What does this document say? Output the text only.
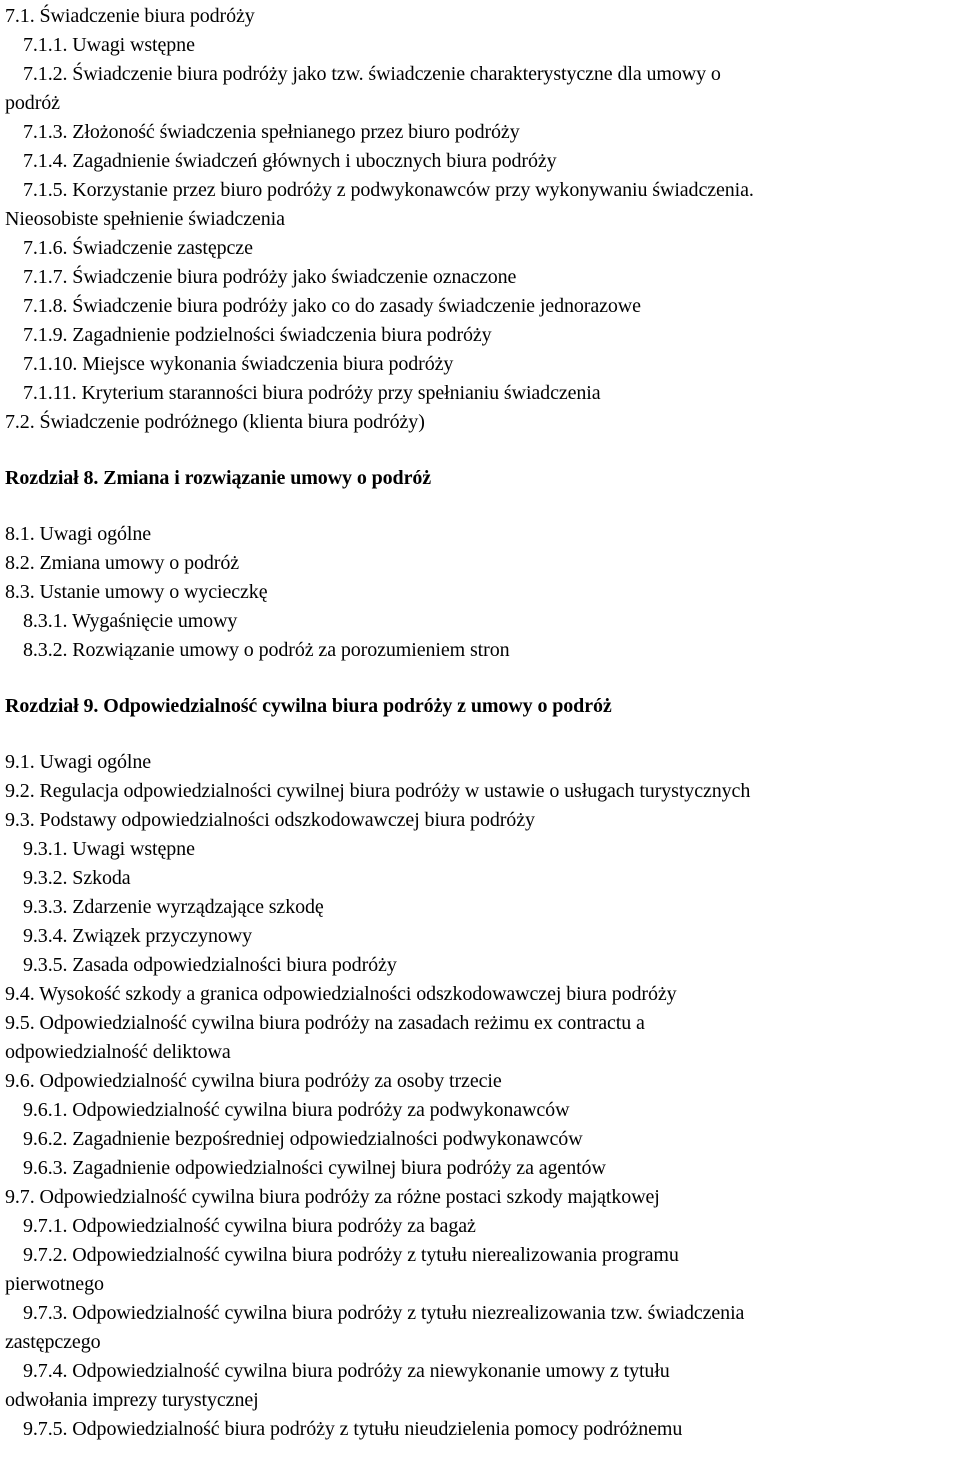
7.1. Świadczenie biura podróży
7.1.1. Uwagi wstępne
7.1.2. Świadczenie biura podróży jako tzw. świadczenie charakterystyczne dla umowy o
podróż
7.1.3. Złożoność świadczenia spełnianego przez biuro podróży
7.1.4. Zagadnienie świadczeń głównych i ubocznych biura podróży
7.1.5. Korzystanie przez biuro podróży z podwykonawców przy wykonywaniu świadczenia.
Nieosobiste spełnienie świadczenia
7.1.6. Świadczenie zastępcze
7.1.7. Świadczenie biura podróży jako świadczenie oznaczone
7.1.8. Świadczenie biura podróży jako co do zasady świadczenie jednorazowe
7.1.9. Zagadnienie podzielności świadczenia biura podróży
7.1.10. Miejsce wykonania świadczenia biura podróży
7.1.11. Kryterium staranności biura podróży przy spełnianiu świadczenia
7.2. Świadczenie podróżnego (klienta biura podróży)
Rozdział 8. Zmiana i rozwiązanie umowy o podróż
8.1. Uwagi ogólne
8.2. Zmiana umowy o podróż
8.3. Ustanie umowy o wycieczkę
8.3.1. Wygaśnięcie umowy
8.3.2. Rozwiązanie umowy o podróż za porozumieniem stron
Rozdział 9. Odpowiedzialność cywilna biura podróży z umowy o podróż
9.1. Uwagi ogólne
9.2. Regulacja odpowiedzialności cywilnej biura podróży w ustawie o usługach turystycznych
9.3. Podstawy odpowiedzialności odszkodowawczej biura podróży
9.3.1. Uwagi wstępne
9.3.2. Szkoda
9.3.3. Zdarzenie wyrządzające szkodę
9.3.4. Związek przyczynowy
9.3.5. Zasada odpowiedzialności biura podróży
9.4. Wysokość szkody a granica odpowiedzialności odszkodowawczej biura podróży
9.5. Odpowiedzialność cywilna biura podróży na zasadach reżimu ex contractu a
odpowiedzialność deliktowa
9.6. Odpowiedzialność cywilna biura podróży za osoby trzecie
9.6.1. Odpowiedzialność cywilna biura podróży za podwykonawców
9.6.2. Zagadnienie bezpośredniej odpowiedzialności podwykonawców
9.6.3. Zagadnienie odpowiedzialności cywilnej biura podróży za agentów
9.7. Odpowiedzialność cywilna biura podróży za różne postaci szkody majątkowej
9.7.1. Odpowiedzialność cywilna biura podróży za bagaż
9.7.2. Odpowiedzialność cywilna biura podróży z tytułu nierealizowania programu
pierwotnego
9.7.3. Odpowiedzialność cywilna biura podróży z tytułu niezrealizowania tzw. świadczenia
zastępczego
9.7.4. Odpowiedzialność cywilna biura podróży za niewykonanie umowy z tytułu
odwołania imprezy turystycznej
9.7.5. Odpowiedzialność biura podróży z tytułu nieudzielenia pomocy podróżnemu
